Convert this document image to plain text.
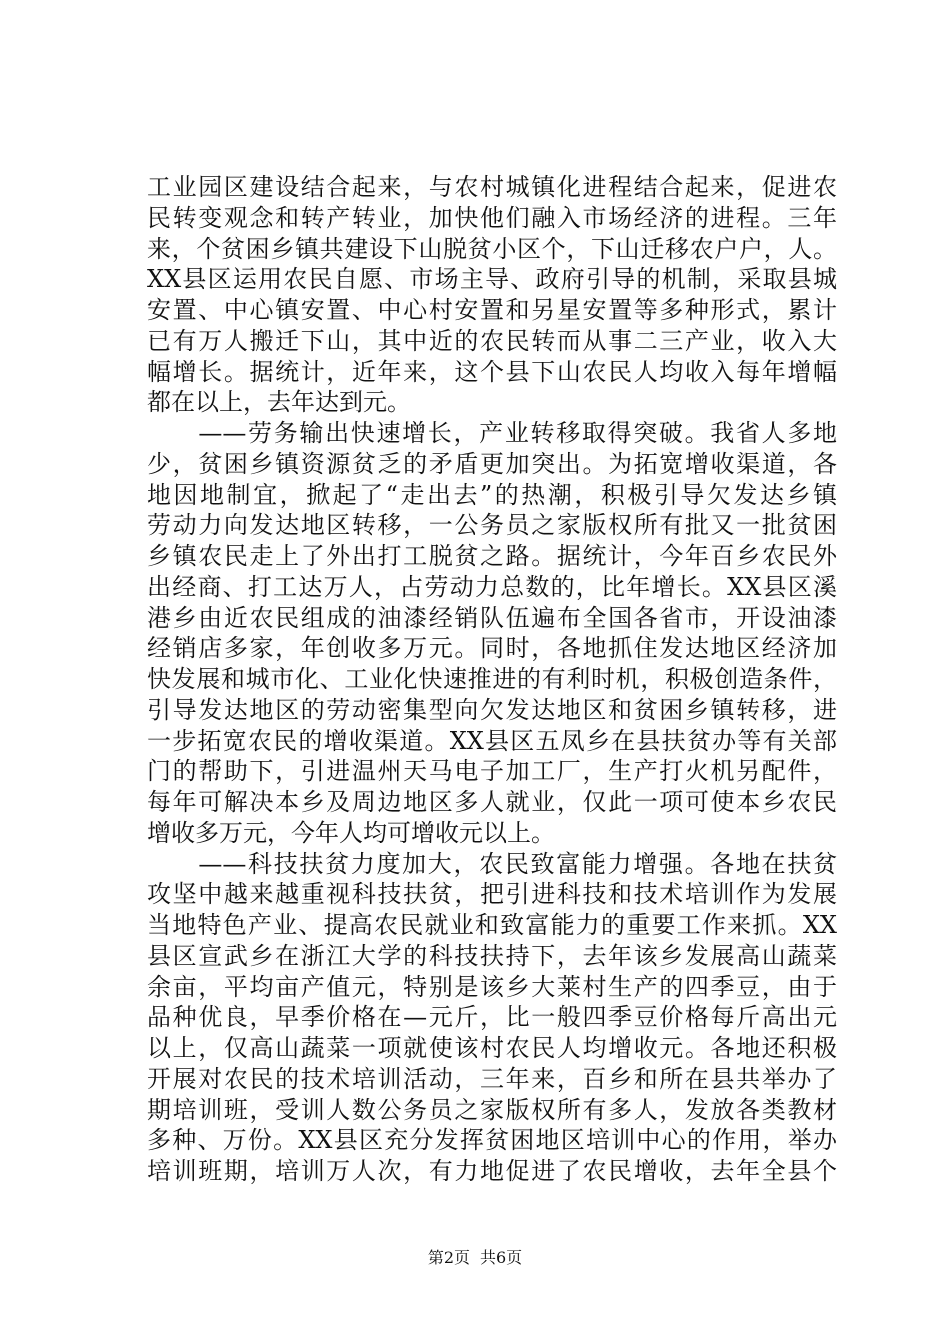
工业园区建设结合起来，与农村城镇化进程结合起来，促进农
民转变观念和转产转业，加快他们融入市场经济的进程。三年
来，个贫困乡镇共建设下山脱贫小区个，下山迁移农户户，人。
XX县区运用农民自愿、市场主导、政府引导的机制，采取县城
安置、中心镇安置、中心村安置和另星安置等多种形式，累计
已有万人搬迁下山，其中近的农民转而从事二三产业，收入大
幅增长。据统计，近年来，这个县下山农民人均收入每年增幅
都在以上，去年达到元。
　　——劳务输出快速增长，产业转移取得突破。我省人多地
少，贫困乡镇资源贫乏的矛盾更加突出。为拓宽增收渠道，各
地因地制宜，掀起了“走出去”的热潮，积极引导欠发达乡镇
劳动力向发达地区转移，一公务员之家版权所有批又一批贫困
乡镇农民走上了外出打工脱贫之路。据统计，今年百乡农民外
出经商、打工达万人，占劳动力总数的，比年增长。XX县区溪
港乡由近农民组成的油漆经销队伍遍布全国各省市，开设油漆
经销店多家，年创收多万元。同时，各地抓住发达地区经济加
快发展和城市化、工业化快速推进的有利时机，积极创造条件，
引导发达地区的劳动密集型向欠发达地区和贫困乡镇转移，进
一步拓宽农民的增收渠道。XX县区五凤乡在县扶贫办等有关部
门的帮助下，引进温州天马电子加工厂，生产打火机另配件，
每年可解决本乡及周边地区多人就业，仅此一项可使本乡农民
增收多万元，今年人均可增收元以上。
　　——科技扶贫力度加大，农民致富能力增强。各地在扶贫
攻坚中越来越重视科技扶贫，把引进科技和技术培训作为发展
当地特色产业、提高农民就业和致富能力的重要工作来抓。XX
县区宣武乡在浙江大学的科技扶持下，去年该乡发展高山蔬菜
余亩，平均亩产值元，特别是该乡大莱村生产的四季豆，由于
品种优良，早季价格在—元斤，比一般四季豆价格每斤高出元
以上，仅高山蔬菜一项就使该村农民人均增收元。各地还积极
开展对农民的技术培训活动，三年来，百乡和所在县共举办了
期培训班，受训人数公务员之家版权所有多人，发放各类教材
多种、万份。XX县区充分发挥贫困地区培训中心的作用，举办
培训班期，培训万人次，有力地促进了农民增收，去年全县个
第2页 共6页
